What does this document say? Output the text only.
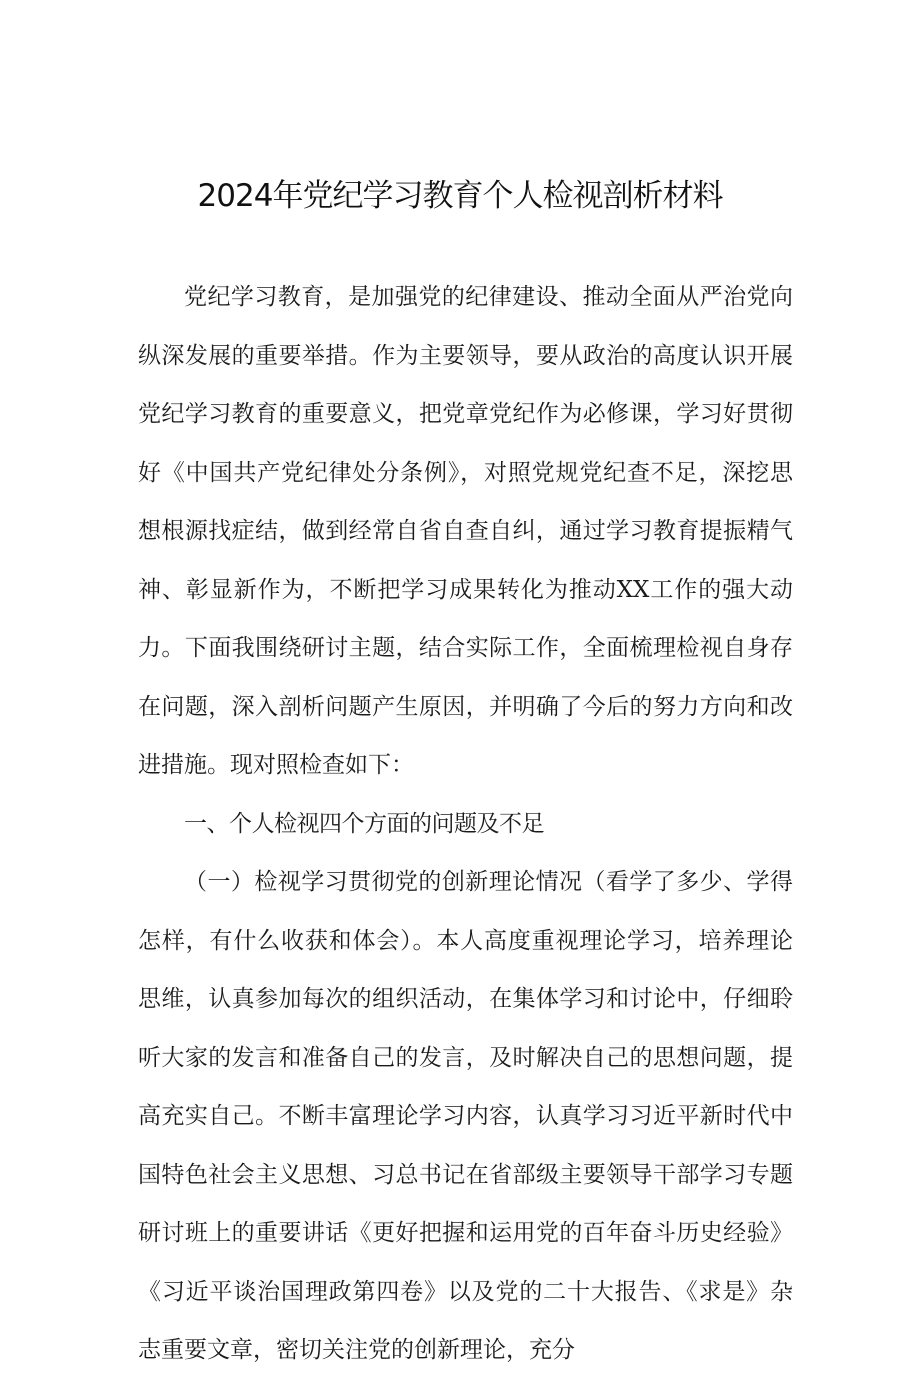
2024年党纪学习教育个人检视剖析材料

党纪学习教育，是加强党的纪律建设、推动全面从严治党向纵深发展的重要举措。作为主要领导，要从政治的高度认识开展党纪学习教育的重要意义，把党章党纪作为必修课，学习好贯彻好《中国共产党纪律处分条例》，对照党规党纪查不足，深挖思想根源找症结，做到经常自省自查自纠，通过学习教育提振精气神、彰显新作为，不断把学习成果转化为推动XX工作的强大动力。下面我围绕研讨主题，结合实际工作，全面梳理检视自身存在问题，深入剖析问题产生原因，并明确了今后的努力方向和改进措施。现对照检查如下：

一、个人检视四个方面的问题及不足

（一）检视学习贯彻党的创新理论情况（看学了多少、学得怎样，有什么收获和体会）。本人高度重视理论学习，培养理论思维，认真参加每次的组织活动，在集体学习和讨论中，仔细聆听大家的发言和准备自己的发言，及时解决自己的思想问题，提高充实自己。不断丰富理论学习内容，认真学习习近平新时代中国特色社会主义思想、习总书记在省部级主要领导干部学习专题研讨班上的重要讲话《更好把握和运用党的百年奋斗历史经验》《习近平谈治国理政第四卷》以及党的二十大报告、《求是》杂志重要文章，密切关注党的创新理论，充分
